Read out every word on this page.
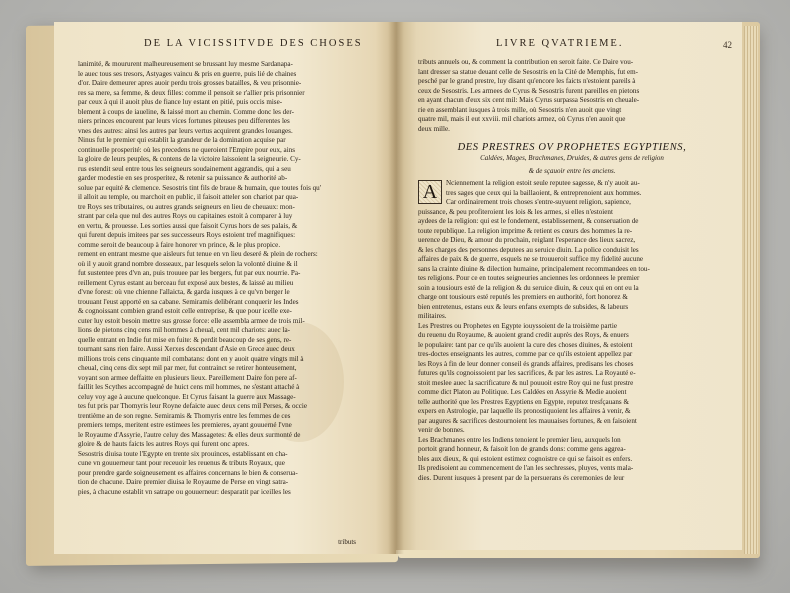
DE LA VICISSITVDE DES CHOSES
lanimité, & moururent malheureusement se brussant luy mesme Sardanapa-
le auec tous ses tresors, Astyages vaincu & pris en guerre, puis lié de chaines
d'or. Daire demeurer apres auoir perdu trois grosses batailles, & veu prisonnie-
res sa mere, sa femme, & deux filles: comme il pensoit se r'allier pris prisonnier
par ceux à qui il auoit plus de fiance luy estant en pitié, puis occis mise-
blement à coups de iaueline, & laissé mort au chemin. Comme donc les der-
niers princes encourent par leurs vices fortunes piteuses peu differentes les
vnes des autres: ainsi les autres par leurs vertus acquirent grandes louanges.
Ninus fut le premier qui establit la grandeur de la domination acquise par
continuelle prosperité: où les precedens ne queroient l'Empire pour eux, ains
la gloire de leurs peuples, & contens de la victoire laissoient la seigneurie. Cy-
rus estendit seul entre tous les seigneurs soudainement aggrandis, qui a seu
garder modestie en ses prosperitez, & retenir sa puissance & authorité ab-
solue par equité & clemence. Sesostris tint fils de braue & humain, que toutes fois qu'
il alloit au temple, ou marchoit en public, il faisoit atteler son chariot par qua-
tre Roys ses tributaires, ou autres grands seigneurs en lieu de cheuaux: mon-
strant par cela que nul des autres Roys ou capitaines estoit à comparer à luy
en vertu, & prouesse. Les sorties aussi que faisoit Cyrus hors de ses palais, &
qui furent depuis imitees par ses successeurs Roys estoient tref magnifiques:
comme seroit de beaucoup à faire honorer vn prince, & le plus propice.
rement en entrant mesme que aisleurs fut tenue en vn lieu deseré & plein de rochers:
où il y auoit grand nombre dosseaux, par lesquels selon la volonté diuine & il
fut sustentee pres d'vn an, puis trouuee par les bergers, fut par eux nourrie. Pa-
reillement Cyrus estant au berceau fut exposé aux bestes, & laissé au milieu
d'vne forest: où vne chienne l'allaicta, & garda iusques à ce qu'vn berger le
trouuant l'eust apporté en sa cabane. Semiramis delibérant conquerir les Indes
& cognoissant combien grand estoit celle entreprise, & que pour icelle exe-
cuter luy estoit besoin mettre sus grosse force: elle assembla armee de trois mil-
lions de pietons cinq cens mil hommes à cheual, cent mil chariots: auec la-
quelle entrant en Indie fut mise en fuite: & perdit beaucoup de ses gens, re-
tournant sans rien faire. Aussi Xerxes descendant d'Asie en Grece auec deux
millions trois cens cinquante mil combatans: dont en y auoit quatre vingts mil à
cheual, cinq cens dix sept mil par mer, fut contrainct se retirer honteusement,
voyant son armee deffaitte en plusieurs lieux. Pareillement Daire fon pere af-
faillit les Scythes accompagné de huict cens mil hommes, ne s'estant attaché à
celuy voy age à aucune quelconque. Et Cyrus faisant la guerre aux Massage-
tes fut pris par Thomyris leur Royne defaicte auec deux cens mil Perses, & occie
trentième an de son regne. Semiramis & Thomyris entre les femmes de ces
premiers temps, meritent estre estimees les premieres, ayant gouuerné l'vne
le Royaume d'Assyrie, l'autre celuy des Massagetes: & elles deux surmonté de
gloire & de hauts faicts les autres Roys qui furent onc apres.
Sesostris diuisa toute l'Egypte en trente six prouinces, establissant en cha-
cune vn gouuerneur tant pour receuoir les reuenus & tributs Royaux, que
pour prendre garde soigneusement es affaires concernans le bien & conserua-
tion de chacune. Daire premier diuisa le Royaume de Perse en vingt satra-
pies, à chacune establit vn satrape ou gouuerneur: desparatit par iceilles les
tributs
LIVRE QVATRIEME.	42
tributs annuels ou, & comment la contribution en seroit faite. Ce Daire vou-
lant dresser sa statue deuant celle de Sesostris en la Cité de Memphis, fut em-
pesché par le grand prestre, luy disant qu'encore les faicts n'estoient pareils à
ceux de Sesostris. Les armees de Cyrus & Sesostris furent pareilles en pietons
en ayant chacun d'eux six cent mil: Mais Cyrus surpassa Sesostris en cheuale-
rie en assemblant iusques à trois mille, où Sesostris n'en auoit que vingt
quatre mil, mais il eut xxviii. mil chariots armez, où Cyrus n'en auoit que
deux mille.
DES PRESTRES OV PROPHETES EGYPTIENS,
Caldées, Mages, Brachmanes, Druides, & autres gens de religion
& de sçauoir entre les anciens.
A	Nciennement la religion estoit seule reputee sagesse, & n'y auoit au-
tres sages que ceux qui la baillaoient, & entreprenoient aux hommes.
Car ordinairement trois choses s'entre-suyuent religion, sapience,
puissance, & peu profiteroient les lois & les armes, si elles n'estoient
aydees de la religion: qui est le fondement, establissement, & conseruation de
toute republique. La religion imprime & retient es cœurs des hommes la re-
uerence de Dieu, & amour du prochain, reiglant l'esperance des lieux sacrez,
& les charges des personnes deputees au seruice diuin. La police conduisit les
affaires de paix & de guerre, esquels ne se trouueroit suffice my fidelité aucune
sans la crainte diuine & dilection humaine, principalement recommandees en tou-
tes religions. Pour ce en toutes seigneuries anciennes les ordonnees le premier
soin a tousiours esté de la religion & du seruice diuin, & ceux qui en ont eu la
charge ont tousiours esté reputés les premiers en authorité, fort honorez &
bien entretenus, estans eux & leurs enfans exempts de subsides, & labeurs
militaires.
Les Prestres ou Prophetes en Egypte iouyssoient de la troisième partie
du reuenu du Royaume, & auoient grand credit auprès des Roys, & enuers
le populaire: tant par ce qu'ils auoient la cure des choses diuines, & estoient
tres-doctes enseignants les autres, comme par ce qu'ils estoient appellez par
les Roys à fin de leur donner conseil és grands affaires, predisans les choses
futures qu'ils cognoissoient par les sacrifices, & par les astres. La Royauté e-
stoit meslee auec la sacrificature & nul pouuoit estre Roy qui ne fust prestre
comme dict Platon au Politique. Les Caldées en Assyrie & Medie auoient
telle authorité que les Prestres Egyptiens en Egypte, reputez tresfçauans &
expers en Astrologie, par laquelle ils pronostiquoient les affaires à venir, &
par augures & sacrifices destournoient les mauuaises fortunes, & en faisoient
venir de bonnes.
Les Brachmanes entre les Indiens tenoient le premier lieu, auxquels lon
portoit grand honneur, & faisoit lon de grands dons: comme gens aggrea-
bles aux dieux, & qui estoient estimez cognoistre ce qui se faisoit es enfers.
Ils predisoient au commencement de l'an les sechresses, pluyes, vents mala-
dies. Durent iusques à present par de la persuerans és ceremonies de leur
